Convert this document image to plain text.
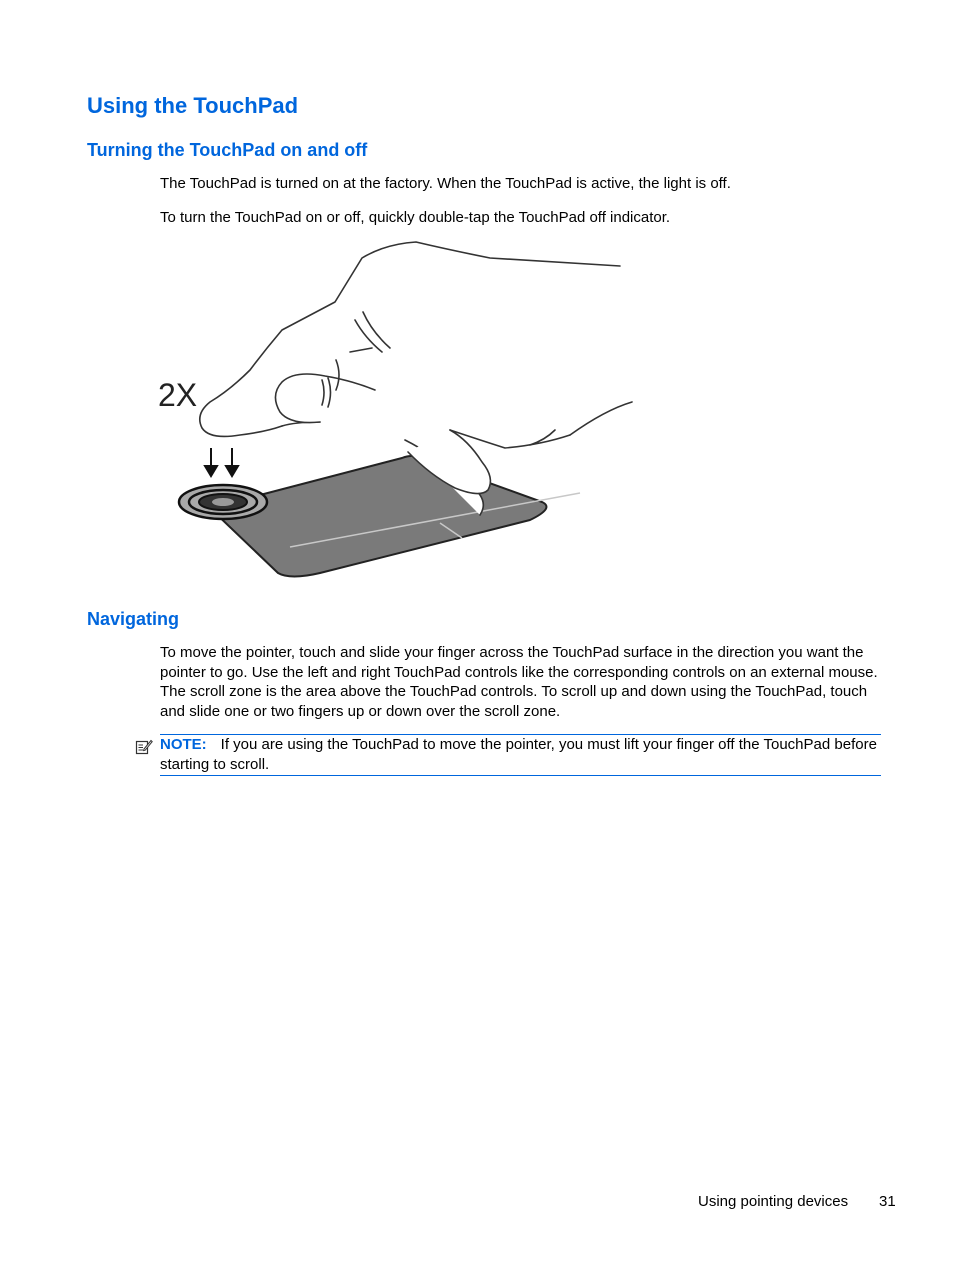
Using the TouchPad
Turning the TouchPad on and off

The TouchPad is turned on at the factory. When the TouchPad is active, the light is off.

To turn the TouchPad on or off, quickly double-tap the TouchPad off indicator.

2X
Navigating

To move the pointer, touch and slide your finger across the TouchPad surface in the direction you want the pointer to go. Use the left and right TouchPad controls like the corresponding controls on an external mouse. The scroll zone is the area above the TouchPad controls. To scroll up and down using the TouchPad, touch and slide one or two fingers up or down over the scroll zone.

NOTE: If you are using the TouchPad to move the pointer, you must lift your finger off the TouchPad before starting to scroll.
Using pointing devices 31
